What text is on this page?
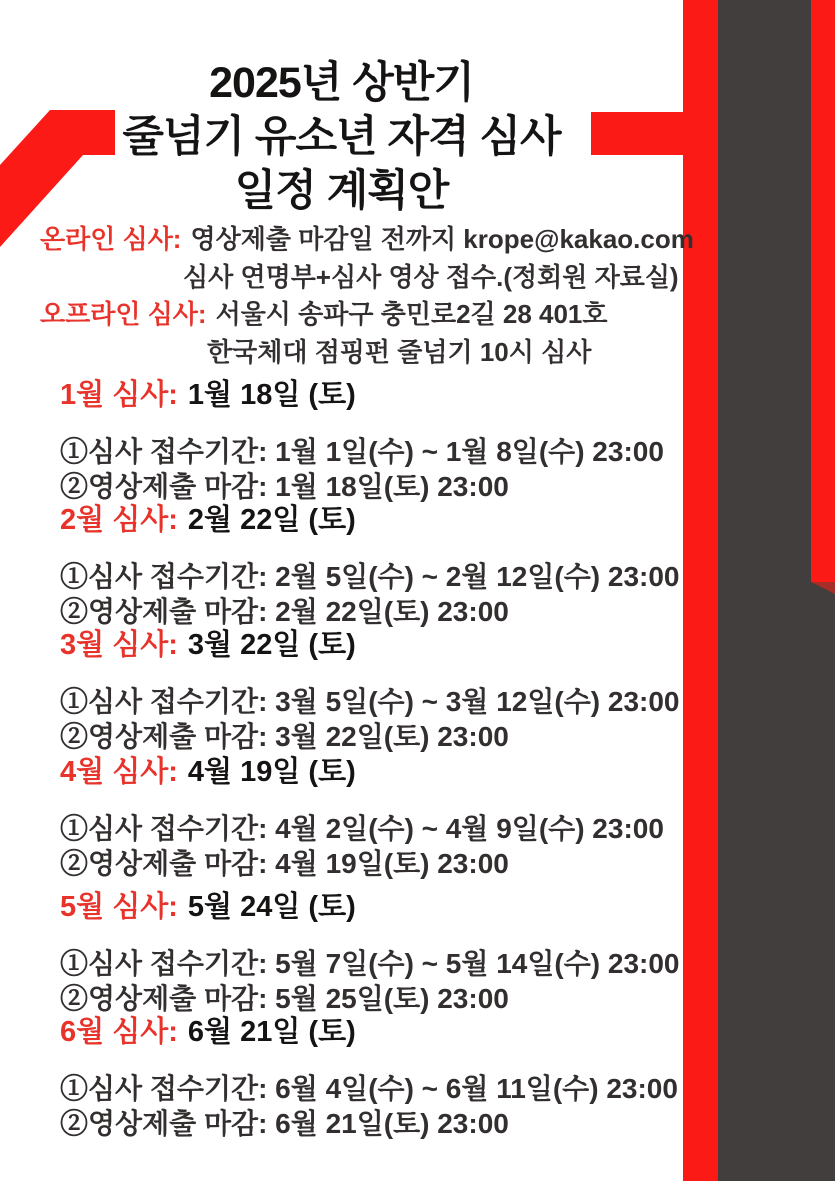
2025년 상반기
줄넘기 유소년 자격 심사
일정 계획안
온라인 심사: 영상제출 마감일 전까지 krope@kakao.com
심사 연명부+심사 영상 접수.(정회원 자료실)
오프라인 심사: 서울시 송파구 충민로2길 28 401호
한국체대 점핑펀 줄넘기 10시 심사
1월 심사: 1월 18일 (토)
①심사 접수기간: 1월 1일(수) ~ 1월 8일(수) 23:00
②영상제출 마감: 1월 18일(토) 23:00
2월 심사: 2월 22일 (토)
①심사 접수기간: 2월 5일(수) ~ 2월 12일(수) 23:00
②영상제출 마감: 2월 22일(토) 23:00
3월 심사: 3월 22일 (토)
①심사 접수기간: 3월 5일(수) ~ 3월 12일(수) 23:00
②영상제출 마감: 3월 22일(토) 23:00
4월 심사: 4월 19일 (토)
①심사 접수기간: 4월 2일(수) ~ 4월 9일(수) 23:00
②영상제출 마감: 4월 19일(토) 23:00
5월 심사: 5월 24일 (토)
①심사 접수기간: 5월 7일(수) ~ 5월 14일(수) 23:00
②영상제출 마감: 5월 25일(토) 23:00
6월 심사: 6월 21일 (토)
①심사 접수기간: 6월 4일(수) ~ 6월 11일(수) 23:00
②영상제출 마감: 6월 21일(토) 23:00
